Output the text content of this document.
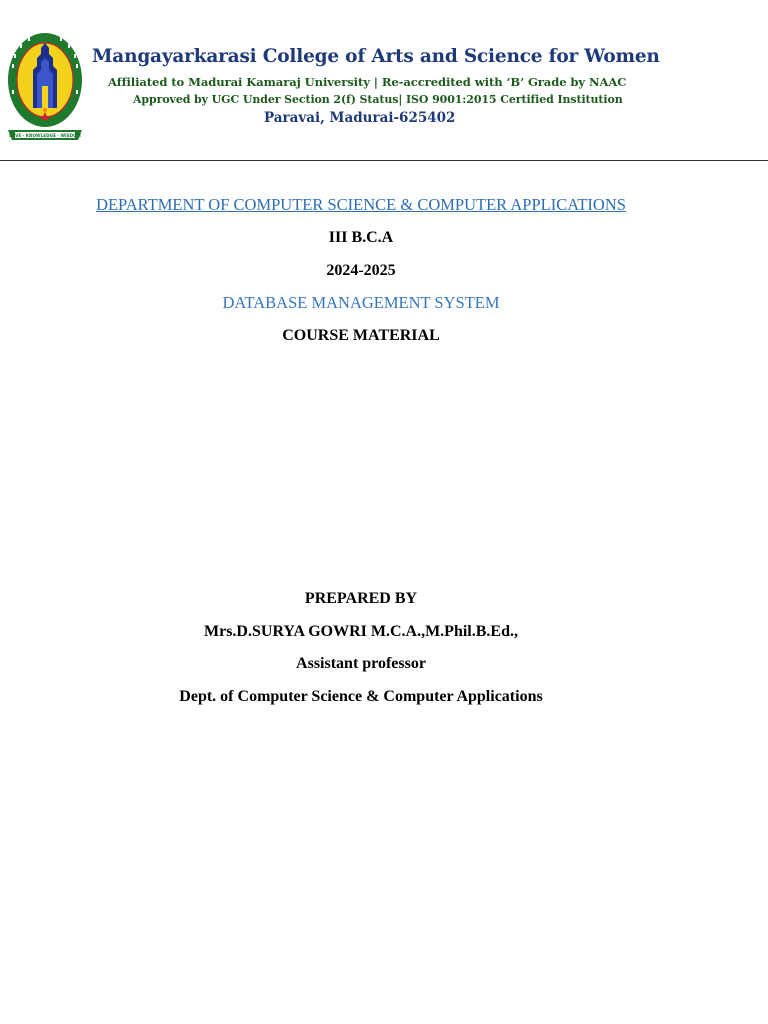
LOVE · KNOWLEDGE · WISDOM
Mangayarkarasi College of Arts and Science for Women
Affiliated to Madurai Kamaraj University | Re-accredited with ‘B’ Grade by NAAC
Approved by UGC Under Section 2(f) Status| ISO 9001:2015 Certified Institution
Paravai, Madurai-625402
DEPARTMENT OF COMPUTER SCIENCE & COMPUTER APPLICATIONS
III B.C.A
2024-2025
DATABASE MANAGEMENT SYSTEM
COURSE MATERIAL
PREPARED BY
Mrs.D.SURYA GOWRI M.C.A.,M.Phil.B.Ed.,
Assistant professor
Dept. of Computer Science & Computer Applications
